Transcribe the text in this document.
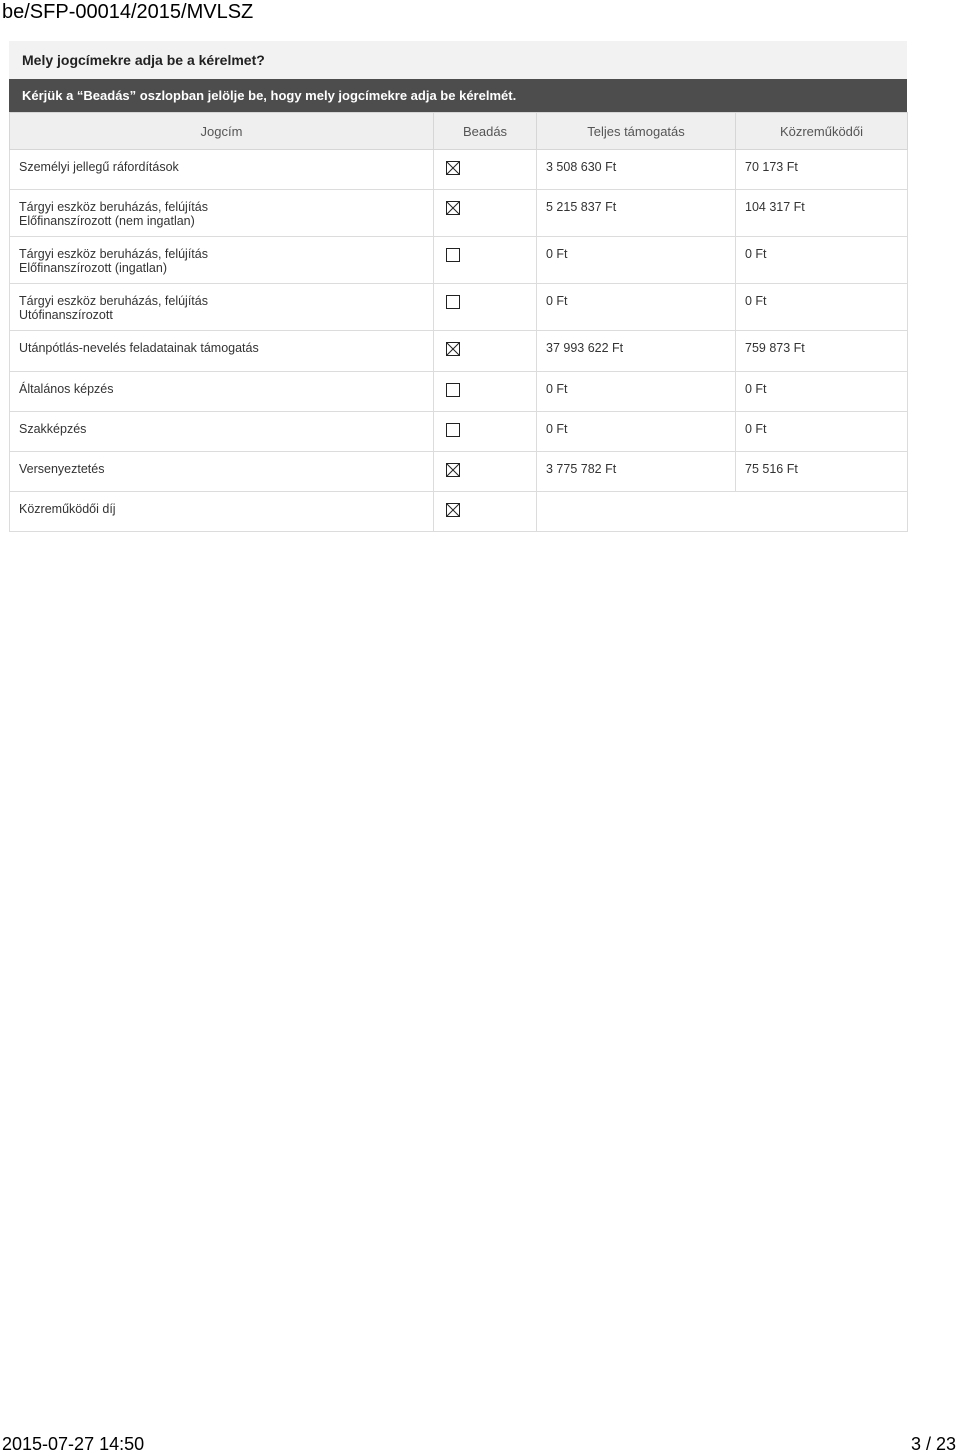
be/SFP-00014/2015/MVLSZ
Mely jogcímekre adja be a kérelmet?
Kérjük a “Beadás” oszlopban jelölje be, hogy mely jogcímekre adja be kérelmét.
Jogcím	Beadás	Teljes támogatás	Közreműködői

Személyi jellegű ráfordítások		3 508 630 Ft	70 173 Ft

Tárgyi eszköz beruházás, felújítás
Előfinanszírozott (nem ingatlan)		5 215 837 Ft	104 317 Ft

Tárgyi eszköz beruházás, felújítás
Előfinanszírozott (ingatlan)		0 Ft	0 Ft

Tárgyi eszköz beruházás, felújítás
Utófinanszírozott		0 Ft	0 Ft

Utánpótlás-nevelés feladatainak támogatás		37 993 622 Ft	759 873 Ft

Általános képzés		0 Ft	0 Ft

Szakképzés		0 Ft	0 Ft

Versenyeztetés		3 775 782 Ft	75 516 Ft

Közreműködői díj

2015-07-27 14:50	3 / 23
